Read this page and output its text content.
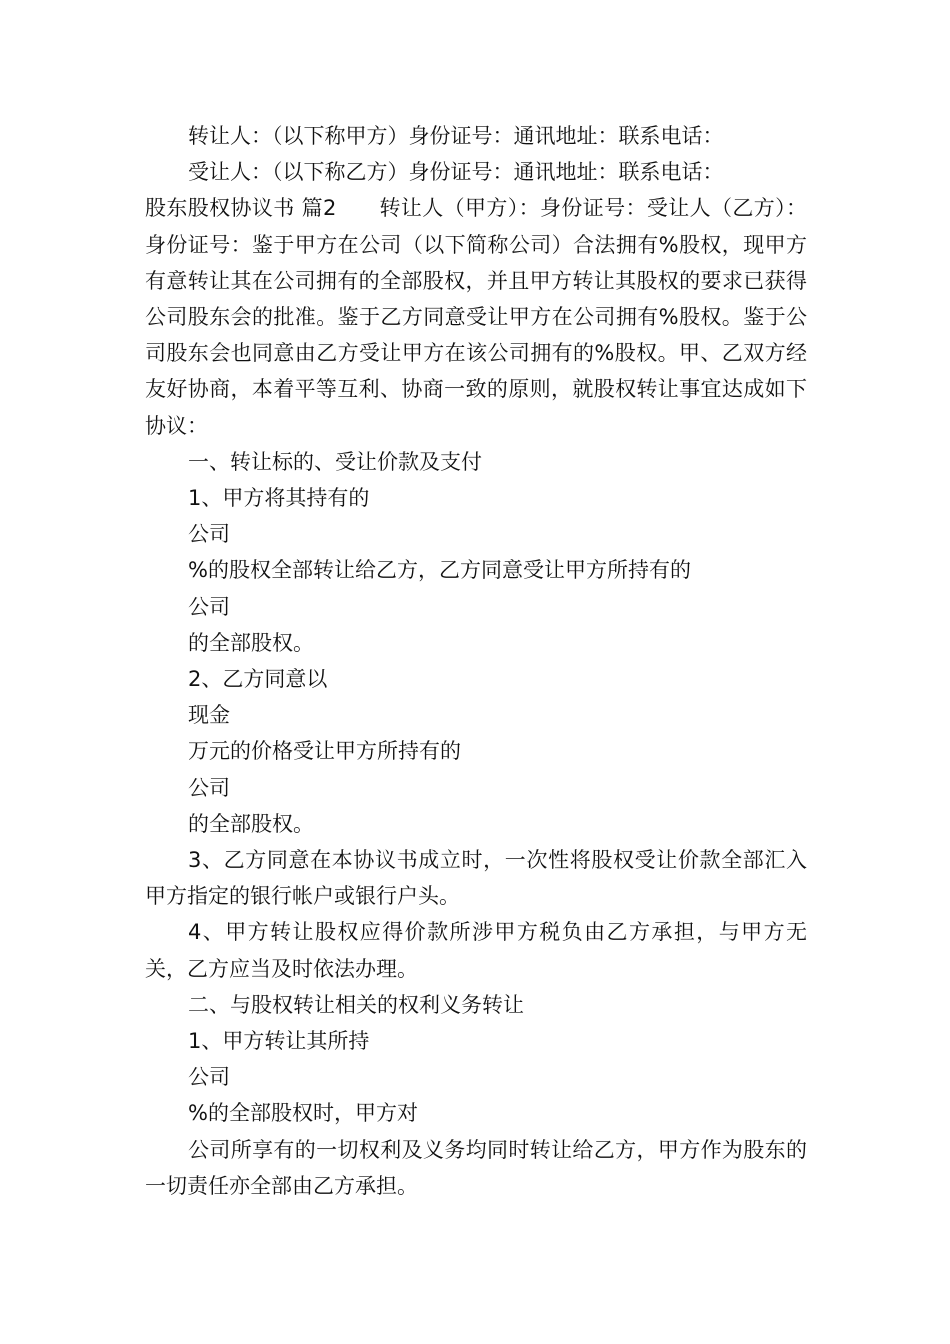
转让人：（以下称甲方）身份证号：通讯地址：联系电话：

受让人：（以下称乙方）身份证号：通讯地址：联系电话：

股东股权协议书 篇2　　转让人（甲方）：身份证号：受让人（乙方）：身份证号：鉴于甲方在公司（以下简称公司）合法拥有%股权，现甲方有意转让其在公司拥有的全部股权，并且甲方转让其股权的要求已获得公司股东会的批准。鉴于乙方同意受让甲方在公司拥有%股权。鉴于公司股东会也同意由乙方受让甲方在该公司拥有的%股权。甲、乙双方经友好协商，本着平等互利、协商一致的原则，就股权转让事宜达成如下协议：

一、转让标的、受让价款及支付

1、甲方将其持有的

公司

%的股权全部转让给乙方，乙方同意受让甲方所持有的

公司

的全部股权。

2、乙方同意以

现金

万元的价格受让甲方所持有的

公司

的全部股权。

3、乙方同意在本协议书成立时，一次性将股权受让价款全部汇入甲方指定的银行帐户或银行户头。

4、甲方转让股权应得价款所涉甲方税负由乙方承担，与甲方无关，乙方应当及时依法办理。

二、与股权转让相关的权利义务转让

1、甲方转让其所持

公司

%的全部股权时，甲方对

公司所享有的一切权利及义务均同时转让给乙方，甲方作为股东的一切责任亦全部由乙方承担。
